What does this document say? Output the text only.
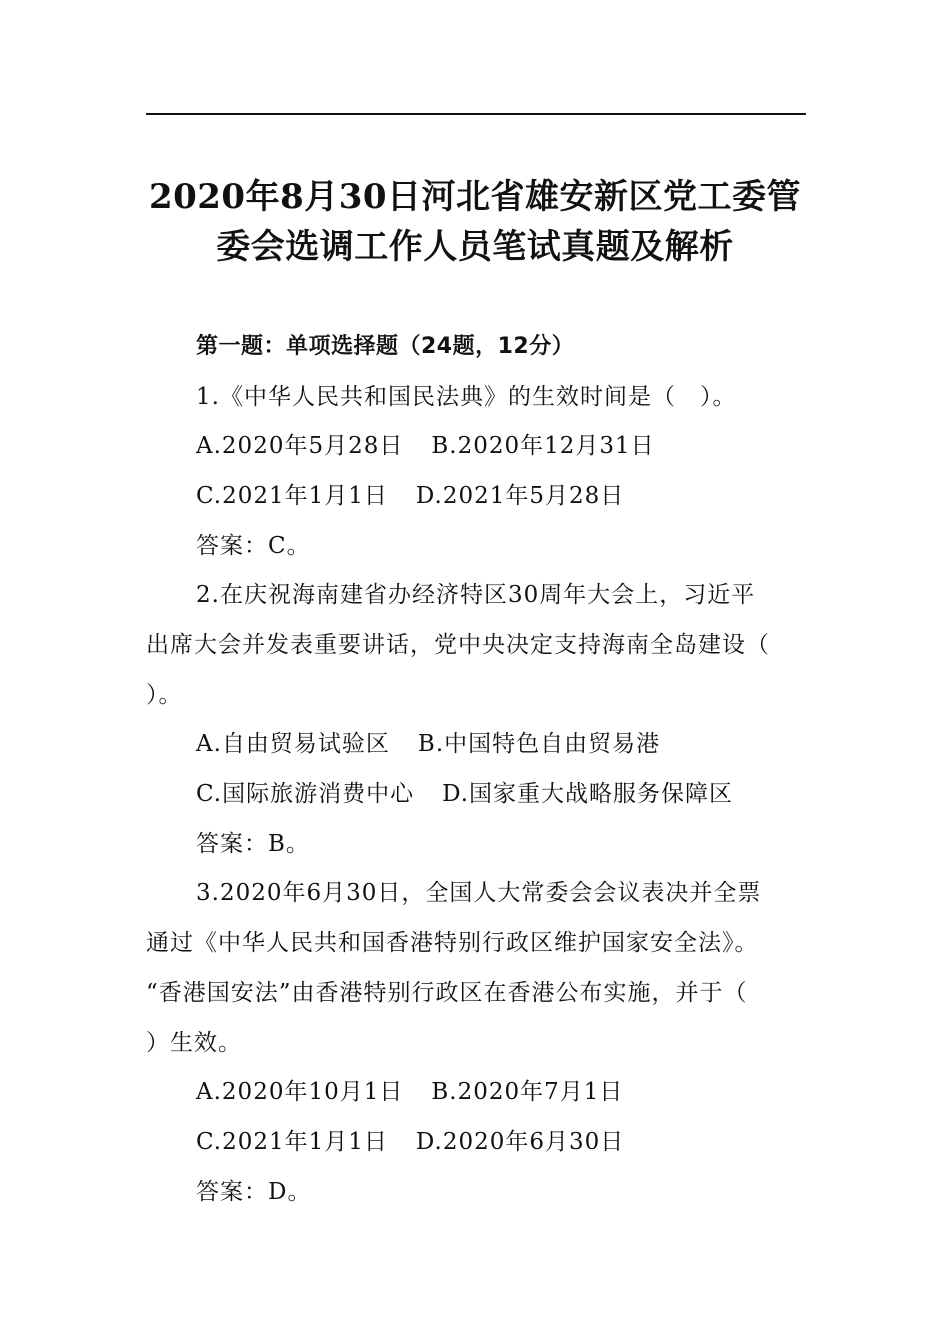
2020年8月30日河北省雄安新区党工委管
委会选调工作人员笔试真题及解析
第一题：单项选择题（24题，12分）
1.《中华人民共和国民法典》的生效时间是（　）。
A.2020年5月28日 B.2020年12月31日
C.2021年1月1日 D.2021年5月28日
答案：C。
2.在庆祝海南建省办经济特区30周年大会上，习近平
出席大会并发表重要讲话，党中央决定支持海南全岛建设（
）。
A.自由贸易试验区 B.中国特色自由贸易港
C.国际旅游消费中心 D.国家重大战略服务保障区
答案：B。
3.2020年6月30日，全国人大常委会会议表决并全票
通过《中华人民共和国香港特别行政区维护国家安全法》。
“香港国安法”由香港特别行政区在香港公布实施，并于（
）生效。
A.2020年10月1日 B.2020年7月1日
C.2021年1月1日 D.2020年6月30日
答案：D。
